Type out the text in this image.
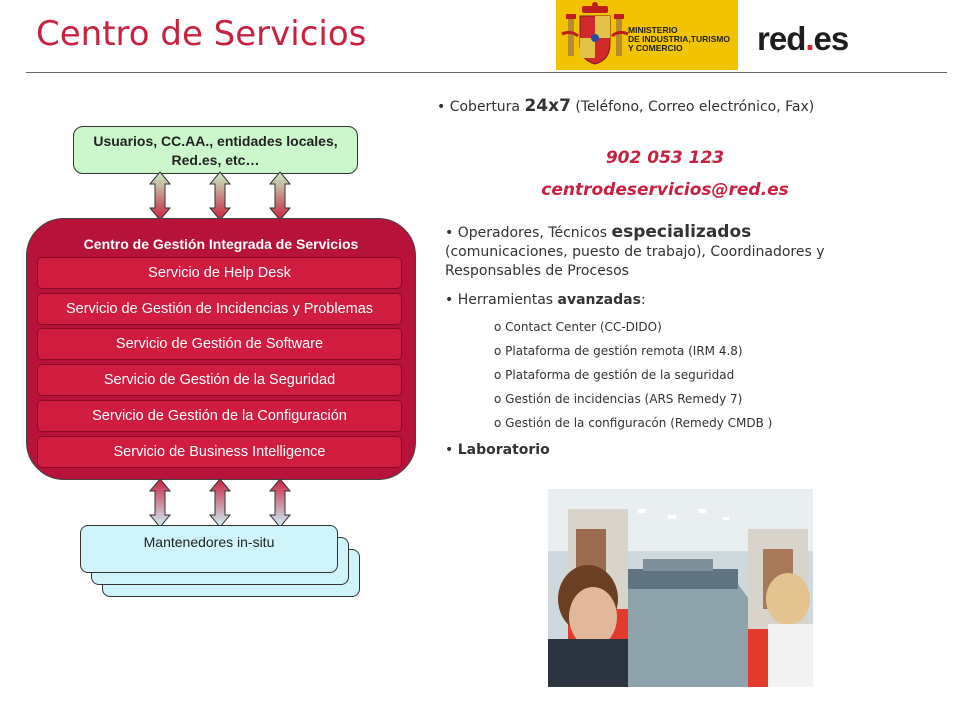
Centro de Servicios	MINISTERIO
DE INDUSTRIA,TURISMO
Y COMERCIO	red.es
Usuarios, CC.AA., entidades locales, Red.es, etc…
Centro de Gestión Integrada de Servicios
Servicio de Help Desk
Servicio de Gestión de Incidencias y Problemas
Servicio de Gestión de Software
Servicio de Gestión de la Seguridad
Servicio de Gestión de la Configuración
Servicio de Business Intelligence
Mantenedores in-situ
• Cobertura 24x7 (Teléfono, Correo electrónico, Fax)
902 053 123
centrodeservicios@red.es
• Operadores, Técnicos especializados
(comunicaciones, puesto de trabajo), Coordinadores y
Responsables de Procesos
• Herramientas avanzadas:
o Contact Center (CC-DIDO)
o Plataforma de gestión remota (IRM 4.8)
o Plataforma de gestión de la seguridad
o Gestión de incidencias (ARS Remedy 7)
o Gestión de la configuracón (Remedy CMDB )
• Laboratorio
